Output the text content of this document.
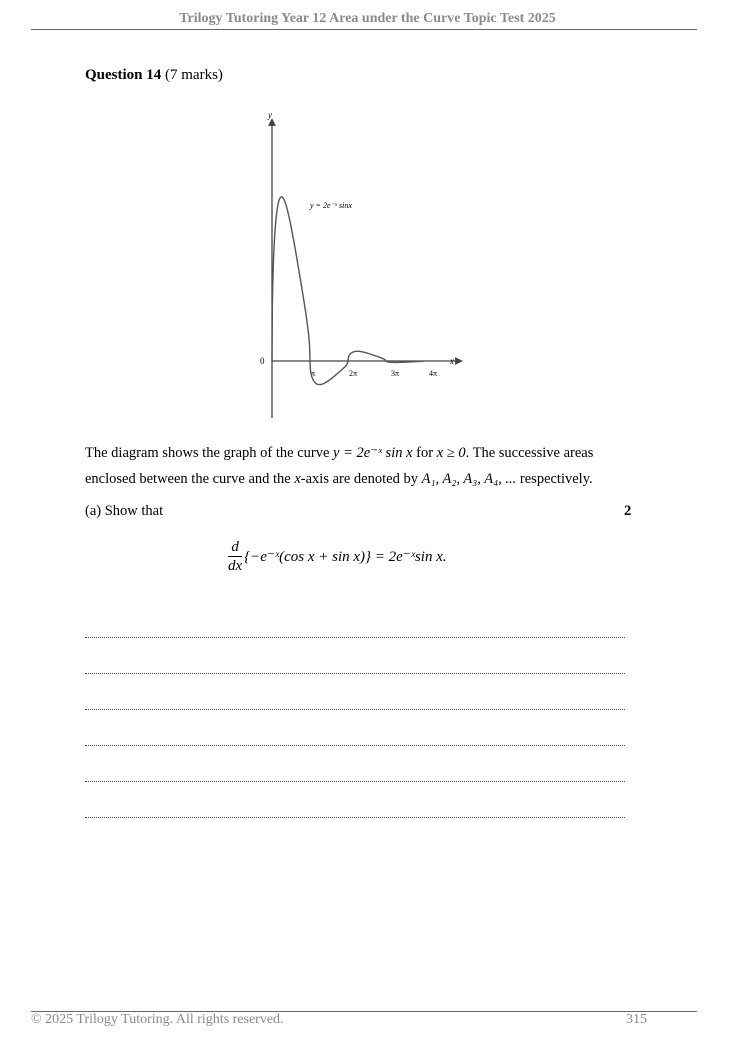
Trilogy Tutoring Year 12 Area under the Curve Topic Test 2025
Question 14 (7 marks)
y
x
0
y = 2e⁻ˣ sinx
π	2π	3π	4π
The diagram shows the graph of the curve y = 2e⁻ˣ sin x for x ≥ 0. The successive areas enclosed between the curve and the x-axis are denoted by A₁, A₂, A₃, A₄, ... respectively.
(a) Show that	2
$\frac{d}{dx}$ {−e⁻ˣ(cos x + sin x)} = 2e⁻ˣsin x.
© 2025 Trilogy Tutoring. All rights reserved.	315
